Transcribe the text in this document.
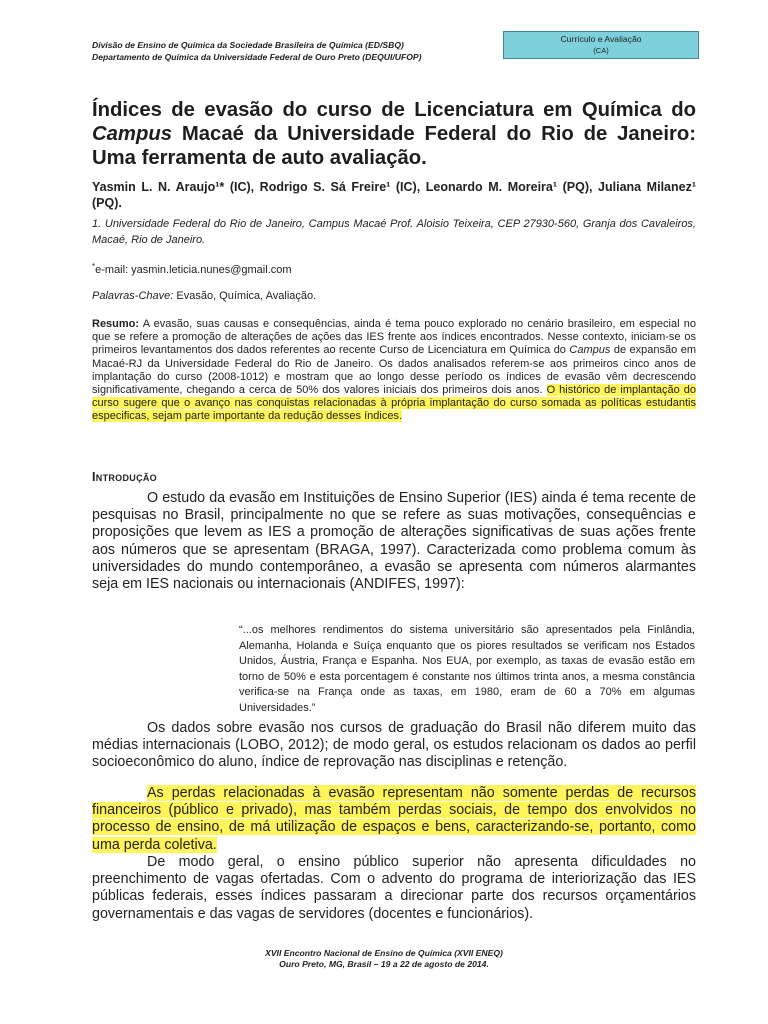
Divisão de Ensino de Química da Sociedade Brasileira de Química (ED/SBQ)
Departamento de Química da Universidade Federal de Ouro Preto (DEQUI/UFOP)
Currículo e Avaliação
(CA)
Índices de evasão do curso de Licenciatura em Química do Campus Macaé da Universidade Federal do Rio de Janeiro: Uma ferramenta de auto avaliação.
Yasmin L. N. Araujo¹* (IC), Rodrigo S. Sá Freire¹ (IC), Leonardo M. Moreira¹ (PQ), Juliana Milanez¹ (PQ).
1. Universidade Federal do Rio de Janeiro, Campus Macaé Prof. Aloisio Teixeira, CEP 27930-560, Granja dos Cavaleiros, Macaé, Rio de Janeiro.
*e-mail: yasmin.leticia.nunes@gmail.com
Palavras-Chave: Evasão, Química, Avaliação.
Resumo: A evasão, suas causas e consequências, ainda é tema pouco explorado no cenário brasileiro, em especial no que se refere a promoção de alterações de ações das IES frente aos índices encontrados. Nesse contexto, iniciam-se os primeiros levantamentos dos dados referentes ao recente Curso de Licenciatura em Química do Campus de expansão em Macaé-RJ da Universidade Federal do Rio de Janeiro. Os dados analisados referem-se aos primeiros cinco anos de implantação do curso (2008-1012) e mostram que ao longo desse período os índices de evasão vêm decrescendo significativamente, chegando a cerca de 50% dos valores iniciais dos primeiros dois anos. O histórico de implantação do curso sugere que o avanço nas conquistas relacionadas à própria implantação do curso somada as políticas estudantis especificas, sejam parte importante da redução desses índices.
Introdução
O estudo da evasão em Instituições de Ensino Superior (IES) ainda é tema recente de pesquisas no Brasil, principalmente no que se refere as suas motivações, consequências e proposições que levem as IES a promoção de alterações significativas de suas ações frente aos números que se apresentam (BRAGA, 1997). Caracterizada como problema comum às universidades do mundo contemporâneo, a evasão se apresenta com números alarmantes seja em IES nacionais ou internacionais (ANDIFES, 1997):
“...os melhores rendimentos do sistema universitário são apresentados pela Finlândia, Alemanha, Holanda e Suíça enquanto que os piores resultados se verificam nos Estados Unidos, Áustria, França e Espanha. Nos EUA, por exemplo, as taxas de evasão estão em torno de 50% e esta porcentagem é constante nos últimos trinta anos, a mesma constância verifica-se na França onde as taxas, em 1980, eram de 60 a 70% em algumas Universidades.”
Os dados sobre evasão nos cursos de graduação do Brasil não diferem muito das médias internacionais (LOBO, 2012); de modo geral, os estudos relacionam os dados ao perfil socioeconômico do aluno, índice de reprovação nas disciplinas e retenção.
As perdas relacionadas à evasão representam não somente perdas de recursos financeiros (público e privado), mas também perdas sociais, de tempo dos envolvidos no processo de ensino, de má utilização de espaços e bens, caracterizando-se, portanto, como uma perda coletiva.
De modo geral, o ensino público superior não apresenta dificuldades no preenchimento de vagas ofertadas. Com o advento do programa de interiorização das IES públicas federais, esses índices passaram a direcionar parte dos recursos orçamentários governamentais e das vagas de servidores (docentes e funcionários).
XVII Encontro Nacional de Ensino de Química (XVII ENEQ)
Ouro Preto, MG, Brasil – 19 a 22 de agosto de 2014.
